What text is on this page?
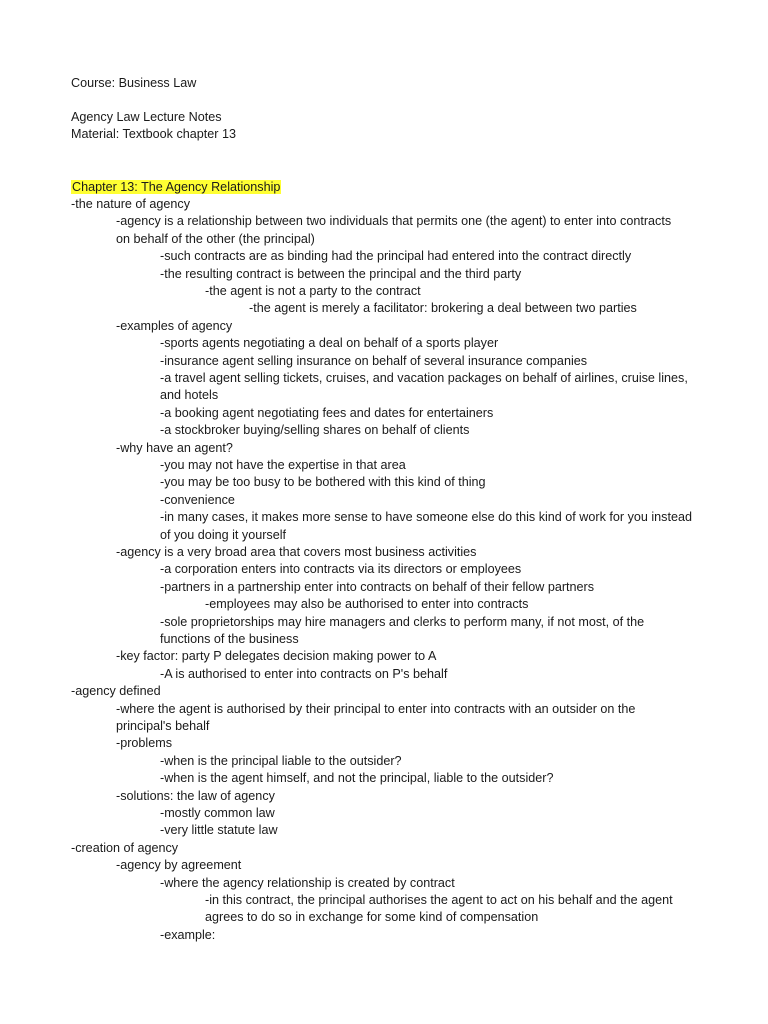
Course: Business Law
Agency Law Lecture Notes
Material: Textbook chapter 13
Chapter 13: The Agency Relationship
-the nature of agency
-agency is a relationship between two individuals that permits one (the agent) to enter into contracts
on behalf of the other (the principal)
-such contracts are as binding had the principal had entered into the contract directly
-the resulting contract is between the principal and the third party
-the agent is not a party to the contract
-the agent is merely a facilitator: brokering a deal between two parties
-examples of agency
-sports agents negotiating a deal on behalf of a sports player
-insurance agent selling insurance on behalf of several insurance companies
-a travel agent selling tickets, cruises, and vacation packages on behalf of airlines, cruise lines,
and hotels
-a booking agent negotiating fees and dates for entertainers
-a stockbroker buying/selling shares on behalf of clients
-why have an agent?
-you may not have the expertise in that area
-you may be too busy to be bothered with this kind of thing
-convenience
-in many cases, it makes more sense to have someone else do this kind of work for you instead
of you doing it yourself
-agency is a very broad area that covers most business activities
-a corporation enters into contracts via its directors or employees
-partners in a partnership enter into contracts on behalf of their fellow partners
-employees may also be authorised to enter into contracts
-sole proprietorships may hire managers and clerks to perform many, if not most, of the
functions of the business
-key factor: party P delegates decision making power to A
-A is authorised to enter into contracts on P's behalf
-agency defined
-where the agent is authorised by their principal to enter into contracts with an outsider on the
principal's behalf
-problems
-when is the principal liable to the outsider?
-when is the agent himself, and not the principal, liable to the outsider?
-solutions: the law of agency
-mostly common law
-very little statute law
-creation of agency
-agency by agreement
-where the agency relationship is created by contract
-in this contract, the principal authorises the agent to act on his behalf and the agent
agrees to do so in exchange for some kind of compensation
-example:
